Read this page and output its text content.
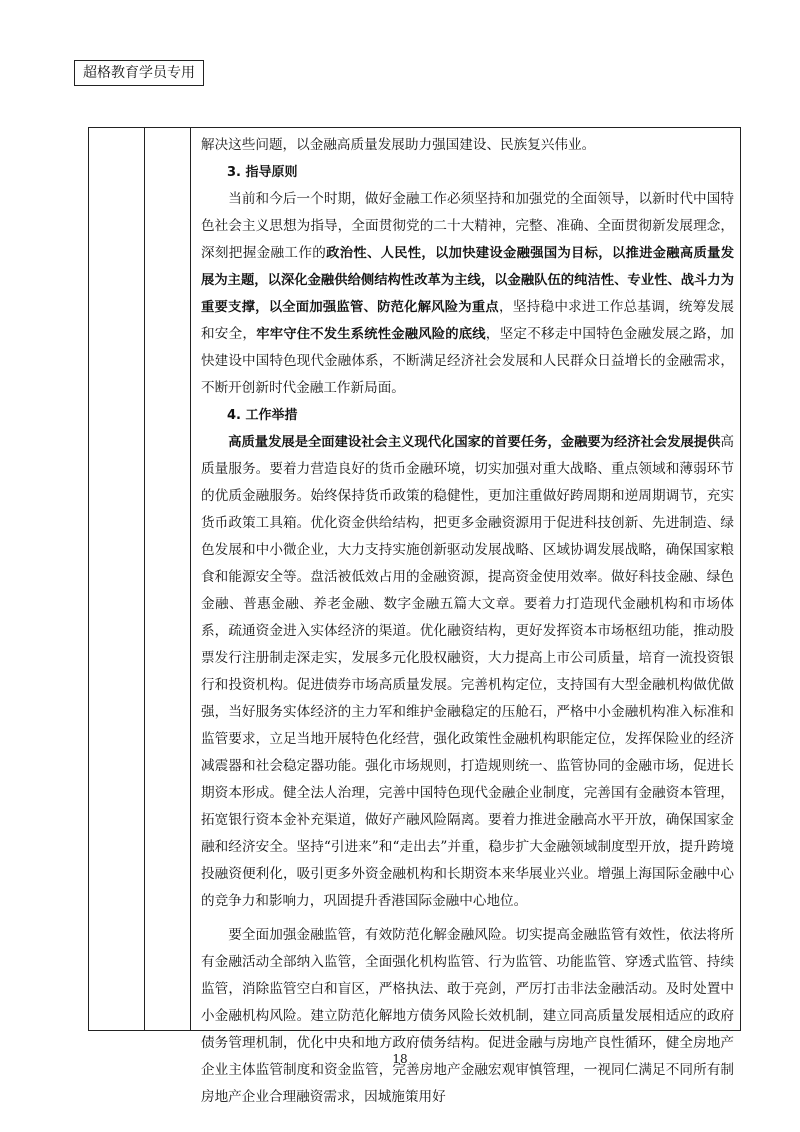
超格教育学员专用

解决这些问题，以金融高质量发展助力强国建设、民族复兴伟业。

3. 指导原则

当前和今后一个时期，做好金融工作必须坚持和加强党的全面领导，以新时代中国特色社会主义思想为指导，全面贯彻党的二十大精神，完整、准确、全面贯彻新发展理念，深刻把握金融工作的政治性、人民性，以加快建设金融强国为目标，以推进金融高质量发展为主题，以深化金融供给侧结构性改革为主线，以金融队伍的纯洁性、专业性、战斗力为重要支撑，以全面加强监管、防范化解风险为重点，坚持稳中求进工作总基调，统筹发展和安全，牢牢守住不发生系统性金融风险的底线，坚定不移走中国特色金融发展之路，加快建设中国特色现代金融体系，不断满足经济社会发展和人民群众日益增长的金融需求，不断开创新时代金融工作新局面。

4. 工作举措

高质量发展是全面建设社会主义现代化国家的首要任务，金融要为经济社会发展提供高质量服务。要着力营造良好的货币金融环境，切实加强对重大战略、重点领域和薄弱环节的优质金融服务。始终保持货币政策的稳健性，更加注重做好跨周期和逆周期调节，充实货币政策工具箱。优化资金供给结构，把更多金融资源用于促进科技创新、先进制造、绿色发展和中小微企业，大力支持实施创新驱动发展战略、区域协调发展战略，确保国家粮食和能源安全等。盘活被低效占用的金融资源，提高资金使用效率。做好科技金融、绿色金融、普惠金融、养老金融、数字金融五篇大文章。要着力打造现代金融机构和市场体系，疏通资金进入实体经济的渠道。优化融资结构，更好发挥资本市场枢纽功能，推动股票发行注册制走深走实，发展多元化股权融资，大力提高上市公司质量，培育一流投资银行和投资机构。促进债券市场高质量发展。完善机构定位，支持国有大型金融机构做优做强，当好服务实体经济的主力军和维护金融稳定的压舱石，严格中小金融机构准入标准和监管要求，立足当地开展特色化经营，强化政策性金融机构职能定位，发挥保险业的经济减震器和社会稳定器功能。强化市场规则，打造规则统一、监管协同的金融市场，促进长期资本形成。健全法人治理，完善中国特色现代金融企业制度，完善国有金融资本管理，拓宽银行资本金补充渠道，做好产融风险隔离。要着力推进金融高水平开放，确保国家金融和经济安全。坚持“引进来”和“走出去”并重，稳步扩大金融领域制度型开放，提升跨境投融资便利化，吸引更多外资金融机构和长期资本来华展业兴业。增强上海国际金融中心的竞争力和影响力，巩固提升香港国际金融中心地位。

要全面加强金融监管，有效防范化解金融风险。切实提高金融监管有效性，依法将所有金融活动全部纳入监管，全面强化机构监管、行为监管、功能监管、穿透式监管、持续监管，消除监管空白和盲区，严格执法、敢于亮剑，严厉打击非法金融活动。及时处置中小金融机构风险。建立防范化解地方债务风险长效机制，建立同高质量发展相适应的政府债务管理机制，优化中央和地方政府债务结构。促进金融与房地产良性循环，健全房地产企业主体监管制度和资金监管，完善房地产金融宏观审慎管理，一视同仁满足不同所有制房地产企业合理融资需求，因城施策用好

18
